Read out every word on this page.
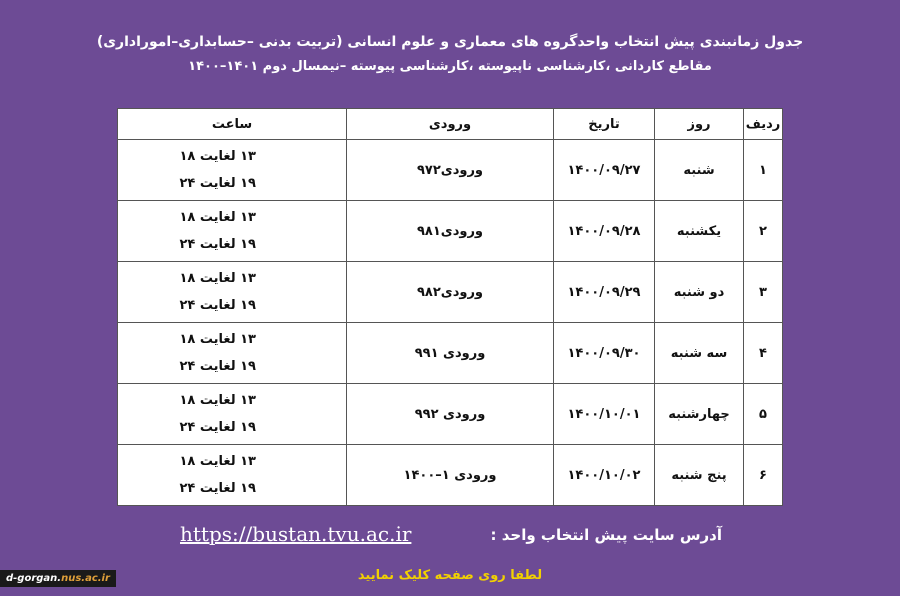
جدول زمانبندی پیش انتخاب واحدگروه های معماری و علوم انسانی (تربیت بدنی –حسابداری–اموراداری)
مقاطع کاردانی ،کارشناسی ناپیوسته ،کارشناسی پیوسته –نیمسال دوم ۱۴۰۱–۱۴۰۰
ردیف	روز	تاریخ	ورودی	ساعت
۱	شنبه	۱۴۰۰/۰۹/۲۷	ورودی۹۷۲	۱۳ لغایت ۱۸
۱۹ لغایت ۲۴

۲	یکشنبه	۱۴۰۰/۰۹/۲۸	ورودی۹۸۱	۱۳ لغایت ۱۸
۱۹ لغایت ۲۴

۳	دو شنبه	۱۴۰۰/۰۹/۲۹	ورودی۹۸۲	۱۳ لغایت ۱۸
۱۹ لغایت ۲۴

۴	سه شنبه	۱۴۰۰/۰۹/۳۰	ورودی ۹۹۱	۱۳ لغایت ۱۸
۱۹ لغایت ۲۴

۵	چهارشنبه	۱۴۰۰/۱۰/۰۱	ورودی ۹۹۲	۱۳ لغایت ۱۸
۱۹ لغایت ۲۴

۶	پنج شنبه	۱۴۰۰/۱۰/۰۲	ورودی ۱–۱۴۰۰	۱۳ لغایت ۱۸
۱۹ لغایت ۲۴
آدرس سایت پیش انتخاب واحد :
https://bustan.tvu.ac.ir
لطفا روی صفحه کلیک نمایید
d-gorgan.nus.ac.ir
